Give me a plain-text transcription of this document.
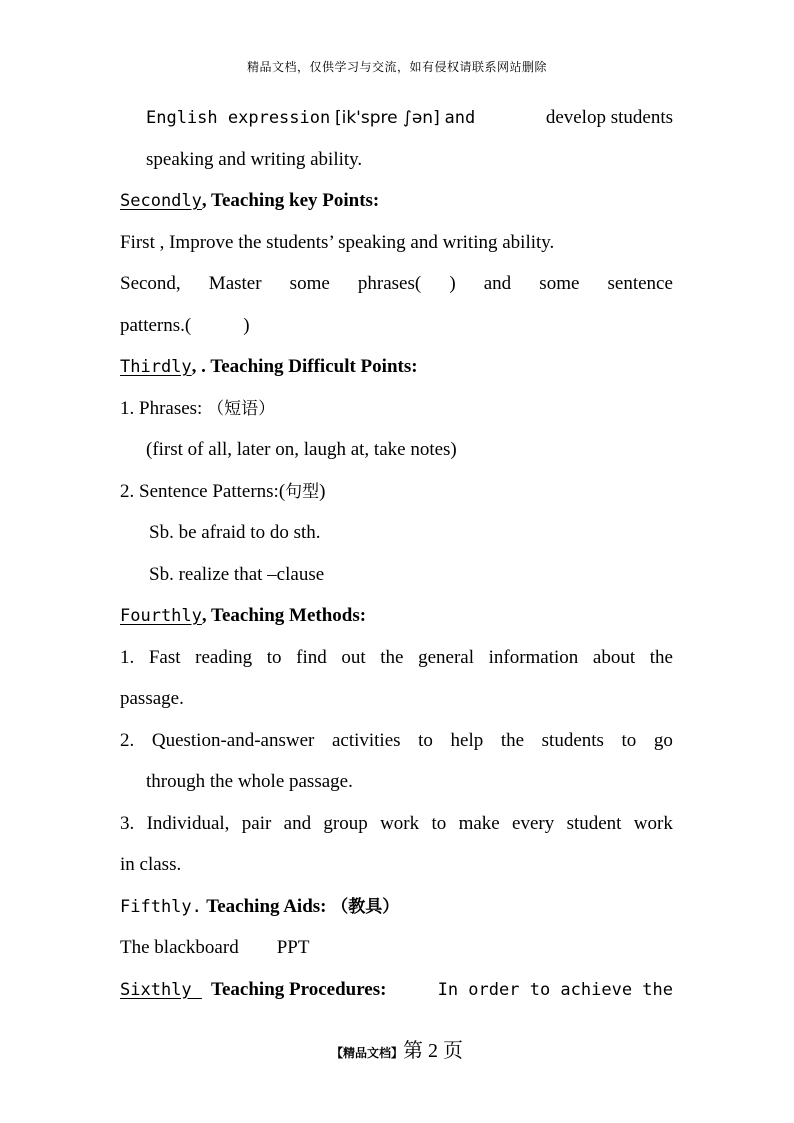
精品文档，仅供学习与交流，如有侵权请联系网站删除
English expression [ik'spre ∫ən] and	develop students
speaking and writing ability.
Secondly, Teaching key Points:
First , Improve the students’ speaking and writing ability.
Second, Master some phrases( ) and some sentence
patterns.(	)
Thirdly, . Teaching Difficult Points:
1. Phrases: （短语）
(first of all, later on, laugh at, take notes)
2. Sentence Patterns:(句型)
Sb. be afraid to do sth.
Sb. realize that –clause
Fourthly, Teaching Methods:
1. Fast reading to find out the general information about the
passage.
2. Question-and-answer activities to help the students to go
through the whole passage.
3. Individual, pair and group work to make every student work
in class.
Fifthly. Teaching Aids: （教具）
The blackboard        PPT
Sixthly   Teaching Procedures:	In order to achieve the
【精品文档】第 2 页
